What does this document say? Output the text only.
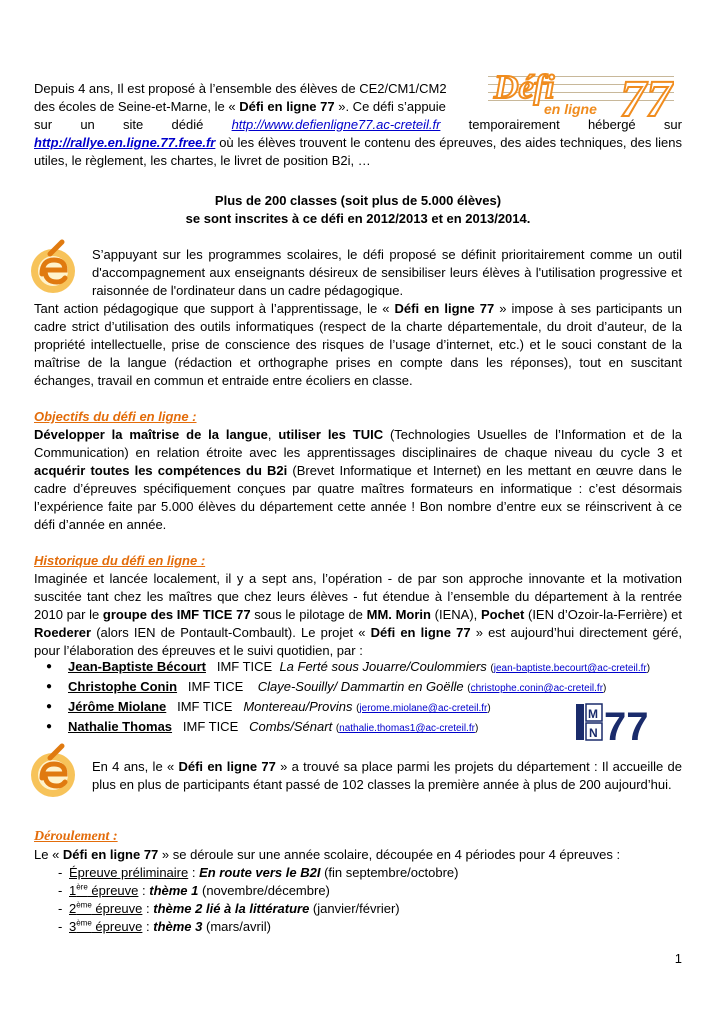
Depuis 4 ans, Il est proposé à l’ensemble des élèves de CE2/CM1/CM2

des écoles de Seine-et-Marne, le « Défi en ligne 77 ». Ce défi s’appuie

sur un site dédié http://www.defienligne77.ac-creteil.fr temporairement hébergé sur

http://rallye.en.ligne.77.free.fr où les élèves trouvent le contenu des épreuves, des aides techniques, des liens utiles, le règlement, les chartes, le livret de position B2i, …

Défi
en ligne 77

Plus de 200 classes (soit plus de 5.000 élèves)

se sont inscrites à ce défi en 2012/2013 et en 2013/2014.

S’appuyant sur les programmes scolaires, le défi proposé se définit prioritairement comme un outil d'accompagnement aux enseignants désireux de sensibiliser leurs élèves à l'utilisation progressive et raisonnée de l'ordinateur dans un cadre pédagogique.

Tant action pédagogique que support à l’apprentissage, le « Défi en ligne 77 » impose à ses participants un cadre strict d’utilisation des outils informatiques (respect de la charte départementale, du droit d’auteur, de la propriété intellectuelle, prise de conscience des risques de l’usage d’internet, etc.) et le souci constant de la maîtrise de la langue (rédaction et orthographe prises en compte dans les réponses), tout en suscitant échanges, travail en commun et entraide entre écoliers en classe.

Objectifs du défi en ligne :

Développer la maîtrise de la langue, utiliser les TUIC (Technologies Usuelles de l’Information et de la Communication) en relation étroite avec les apprentissages disciplinaires de chaque niveau du cycle 3 et acquérir toutes les compétences du B2i (Brevet Informatique et Internet) en les mettant en œuvre dans le cadre d’épreuves spécifiquement conçues par quatre maîtres formateurs en informatique : c’est désormais l’expérience faite par 5.000 élèves du département cette année ! Bon nombre d’entre eux se réinscrivent à ce défi d’année en année.

Historique du défi en ligne :

Imaginée et lancée localement, il y a sept ans, l’opération - de par son approche innovante et la motivation suscitée tant chez les maîtres que chez leurs élèves - fut étendue à l’ensemble du département à la rentrée 2010 par le groupe des IMF TICE 77 sous le pilotage de MM. Morin (IENA), Pochet (IEN d’Ozoir-la-Ferrière) et Roederer (alors IEN de Pontault-Combault). Le projet « Défi en ligne 77 » est aujourd’hui directement géré, pour l’élaboration des épreuves et le suivi quotidien, par :

● Jean-Baptiste Bécourt IMF TICE La Ferté sous Jouarre/Coulommiers (jean-baptiste.becourt@ac-creteil.fr)
● Christophe Conin IMF TICE Claye-Souilly/ Dammartin en Goëlle (christophe.conin@ac-creteil.fr)
● Jérôme Miolane IMF TICE Montereau/Provins (jerome.miolane@ac-creteil.fr)
● Nathalie Thomas IMF TICE Combs/Sénart (nathalie.thomas1@ac-creteil.fr)
M
N 77

En 4 ans, le « Défi en ligne 77 » a trouvé sa place parmi les projets du département : Il accueille de plus en plus de participants étant passé de 102 classes la première année à plus de 200 aujourd’hui.

Déroulement :

Le « Défi en ligne 77 » se déroule sur une année scolaire, découpée en 4 périodes pour 4 épreuves :

- Épreuve préliminaire : En route vers le B2I (fin septembre/octobre)
- 1ère épreuve : thème 1 (novembre/décembre)
- 2ème épreuve : thème 2 lié à la littérature (janvier/février)
- 3ème épreuve : thème 3 (mars/avril)

1
